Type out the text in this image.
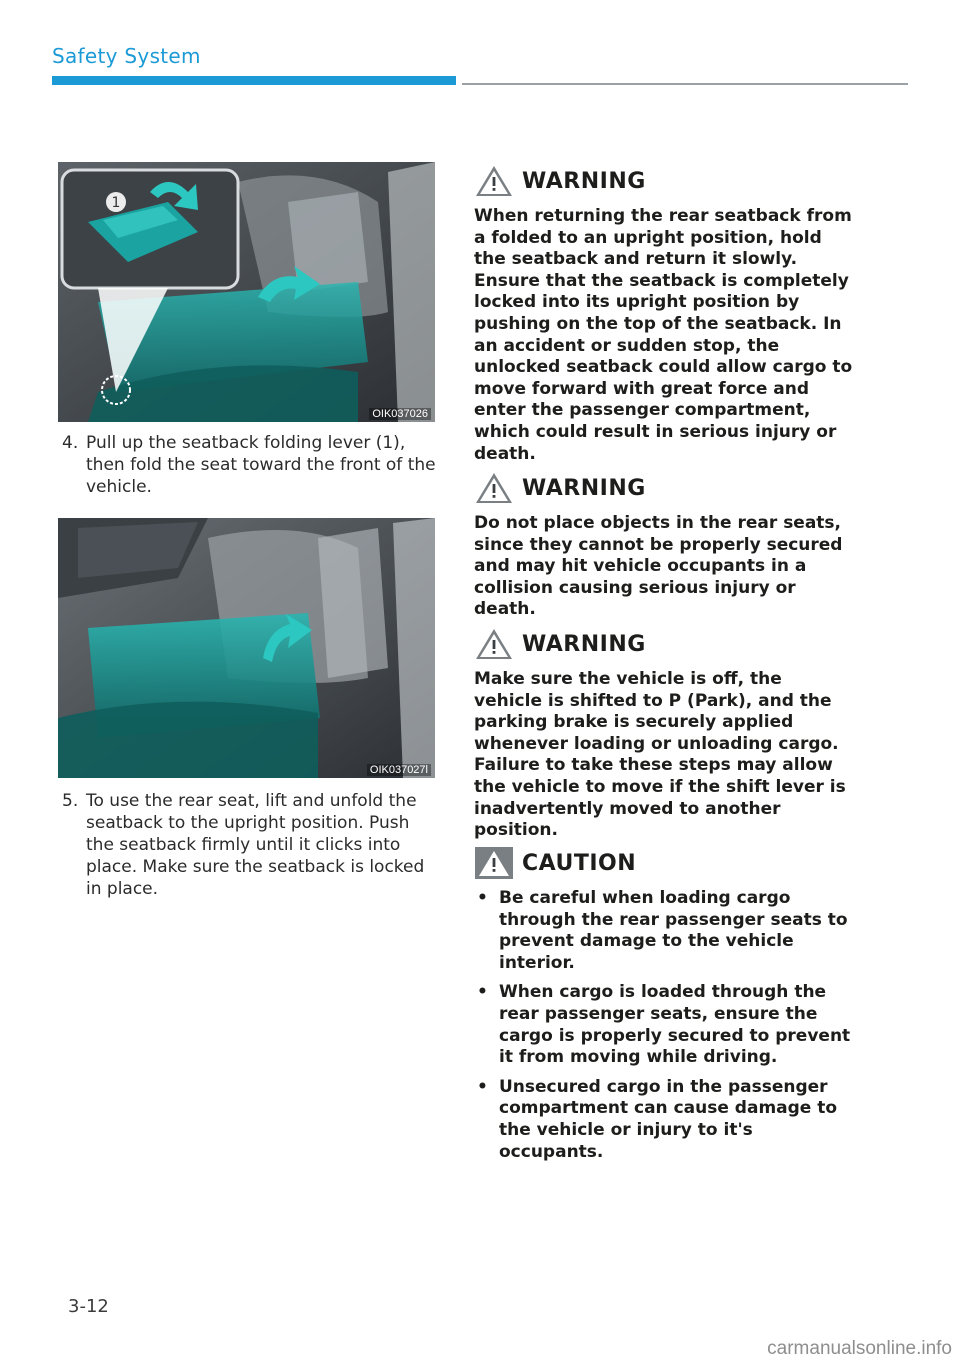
Safety System
1
OIK037026
4. Pull up the seatback folding lever (1), then fold the seat toward the front of the vehicle.
OIK037027l
5. To use the rear seat, lift and unfold the seatback to the upright position. Push the seatback firmly until it clicks into place. Make sure the seatback is locked in place.
WARNING
When returning the rear seatback from a folded to an upright position, hold the seatback and return it slowly. Ensure that the seatback is completely locked into its upright position by pushing on the top of the seatback. In an accident or sudden stop, the unlocked seatback could allow cargo to move forward with great force and enter the passenger compartment, which could result in serious injury or death.
WARNING
Do not place objects in the rear seats, since they cannot be properly secured and may hit vehicle occupants in a collision causing serious injury or death.
WARNING
Make sure the vehicle is off, the vehicle is shifted to P (Park), and the parking brake is securely applied whenever loading or unloading cargo. Failure to take these steps may allow the vehicle to move if the shift lever is inadvertently moved to another position.
CAUTION
• Be careful when loading cargo through the rear passenger seats to prevent damage to the vehicle interior.
• When cargo is loaded through the rear passenger seats, ensure the cargo is properly secured to prevent it from moving while driving.
• Unsecured cargo in the passenger compartment can cause damage to the vehicle or injury to it's occupants.
3-12
carmanualsonline.info
